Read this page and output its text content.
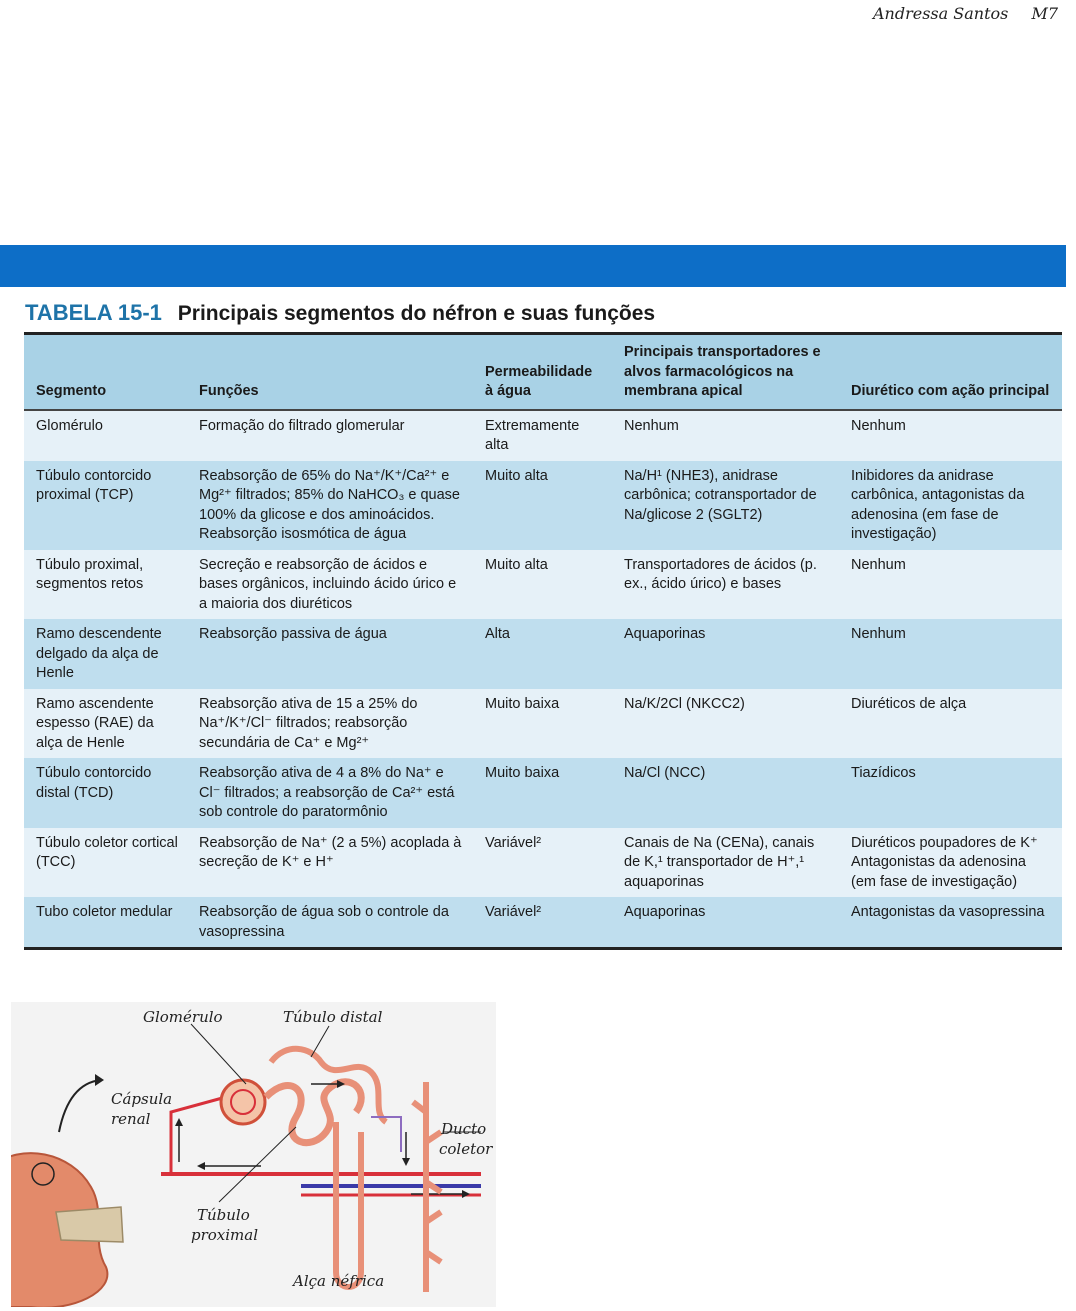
Andressa Santos M7
TABELA 15-1 Principais segmentos do néfron e suas funções
Segmento	Funções	Permeabilidade à água	Principais transportadores e alvos farmacológicos na membrana apical	Diurético com ação principal
Glomérulo	Formação do filtrado glomerular	Extremamente alta	Nenhum	Nenhum
Túbulo contorcido proximal (TCP)	Reabsorção de 65% do Na⁺/K⁺/Ca²⁺ e Mg²⁺ filtrados; 85% do NaHCO₃ e quase 100% da glicose e dos aminoácidos. Reabsorção isosmótica de água	Muito alta	Na/H¹ (NHE3), anidrase carbônica; cotransportador de Na/glicose 2 (SGLT2)	Inibidores da anidrase carbônica, antagonistas da adenosina (em fase de investigação)
Túbulo proximal, segmentos retos	Secreção e reabsorção de ácidos e bases orgânicos, incluindo ácido úrico e a maioria dos diuréticos	Muito alta	Transportadores de ácidos (p. ex., ácido úrico) e bases	Nenhum
Ramo descendente delgado da alça de Henle	Reabsorção passiva de água	Alta	Aquaporinas	Nenhum
Ramo ascendente espesso (RAE) da alça de Henle	Reabsorção ativa de 15 a 25% do Na⁺/K⁺/Cl⁻ filtrados; reabsorção secundária de Ca⁺ e Mg²⁺	Muito baixa	Na/K/2Cl (NKCC2)	Diuréticos de alça
Túbulo contorcido distal (TCD)	Reabsorção ativa de 4 a 8% do Na⁺ e Cl⁻ filtrados; a reabsorção de Ca²⁺ está sob controle do paratormônio	Muito baixa	Na/Cl (NCC)	Tiazídicos
Túbulo coletor cortical (TCC)	Reabsorção de Na⁺ (2 a 5%) acoplada à secreção de K⁺ e H⁺	Variável²	Canais de Na (CENa), canais de K,¹ transportador de H⁺,¹ aquaporinas	Diuréticos poupadores de K⁺ Antagonistas da adenosina (em fase de investigação)
Tubo coletor medular	Reabsorção de água sob o controle da vasopressina	Variável²	Aquaporinas	Antagonistas da vasopressina
Glomérulo	Túbulo distal
Cápsula
renal
Ducto
coletor
Túbulo
proximal
Alça néfrica
